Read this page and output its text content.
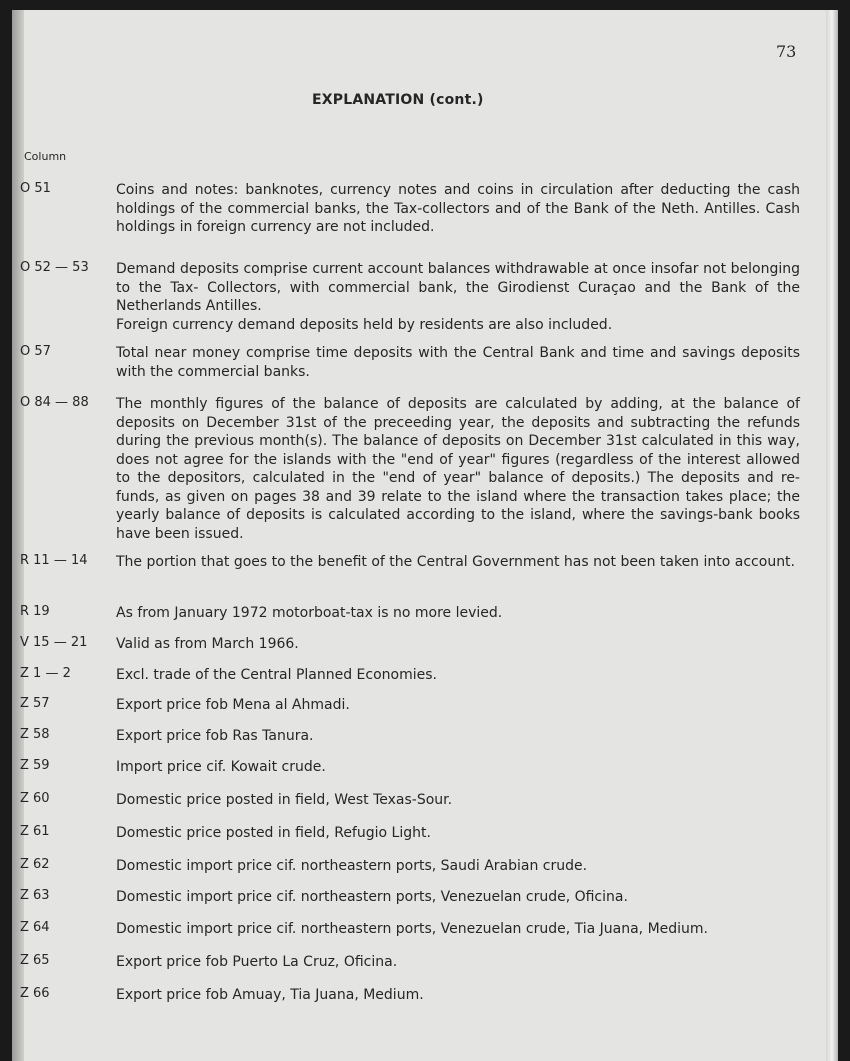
73
EXPLANATION (cont.)
Column
O 51	Coins and notes: banknotes, currency notes and coins in circulation after deducting the cash holdings of the commercial banks, the Tax-collectors and of the Bank of the Neth. Antilles. Cash holdings in foreign currency are not included.

O 52 — 53 Demand deposits comprise current account balances withdrawable at once insofar not belonging to the Tax- Collectors, with commercial bank, the Girodienst Curaçao and the Bank of the Netherlands Antilles.

Foreign currency demand deposits held by residents are also included.

O 57	Total near money comprise time deposits with the Central Bank and time and savings deposits with the commercial banks.

O 84 — 88 The monthly figures of the balance of deposits are calculated by adding, at the balance of deposits on December 31st of the preceeding year, the deposits and subtracting the refunds during the previous month(s). The balance of deposits on December 31st calculated in this way, does not agree for the islands with the "end of year" figures (regardless of the interest allowed to the depositors, calculated in the "end of year" balance of deposits.) The deposits and re-funds, as given on pages 38 and 39 relate to the island where the transaction takes place; the yearly balance of deposits is calculated according to the island, where the savings-bank books have been issued.

R 11 — 14 The portion that goes to the benefit of the Central Government has not been taken into account.

R 19	As from January 1972 motorboat-tax is no more levied.

V 15 — 21 Valid as from March 1966.

Z 1 — 2	Excl. trade of the Central Planned Economies.

Z 57	Export price fob Mena al Ahmadi.

Z 58	Export price fob Ras Tanura.

Z 59	Import price cif. Kowait crude.

Z 60	Domestic price posted in field, West Texas-Sour.

Z 61	Domestic price posted in field, Refugio Light.

Z 62	Domestic import price cif. northeastern ports, Saudi Arabian crude.

Z 63	Domestic import price cif. northeastern ports, Venezuelan crude, Oficina.

Z 64	Domestic import price cif. northeastern ports, Venezuelan crude, Tia Juana, Medium.

Z 65	Export price fob Puerto La Cruz, Oficina.

Z 66	Export price fob Amuay, Tia Juana, Medium.
